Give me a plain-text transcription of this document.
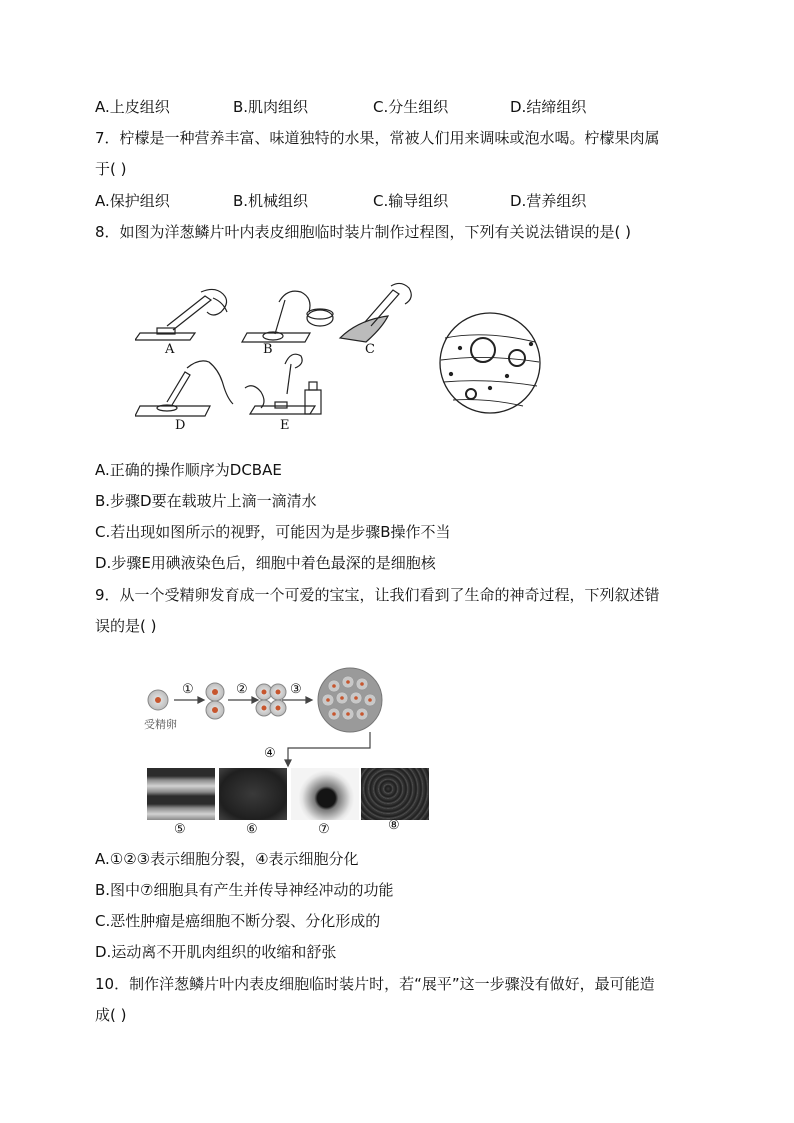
A.上皮组织	B.肌肉组织	C.分生组织	D.结缔组织
7．柠檬是一种营养丰富、味道独特的水果，常被人们用来调味或泡水喝。柠檬果肉属
于( )
A.保护组织	B.机械组织	C.输导组织	D.营养组织
8．如图为洋葱鳞片叶内表皮细胞临时装片制作过程图，下列有关说法错误的是( )
A	B	C
D	E
A.正确的操作顺序为DCBAE
B.步骤D要在载玻片上滴一滴清水
C.若出现如图所示的视野，可能因为是步骤B操作不当
D.步骤E用碘液染色后，细胞中着色最深的是细胞核
9．从一个受精卵发育成一个可爱的宝宝，让我们看到了生命的神奇过程，下列叙述错
误的是( )
受精卵
①	②	③
④
⑤	⑥	⑦	⑧
A.①②③表示细胞分裂，④表示细胞分化
B.图中⑦细胞具有产生并传导神经冲动的功能
C.恶性肿瘤是癌细胞不断分裂、分化形成的
D.运动离不开肌肉组织的收缩和舒张
10．制作洋葱鳞片叶内表皮细胞临时装片时，若“展平”这一步骤没有做好，最可能造
成( )
